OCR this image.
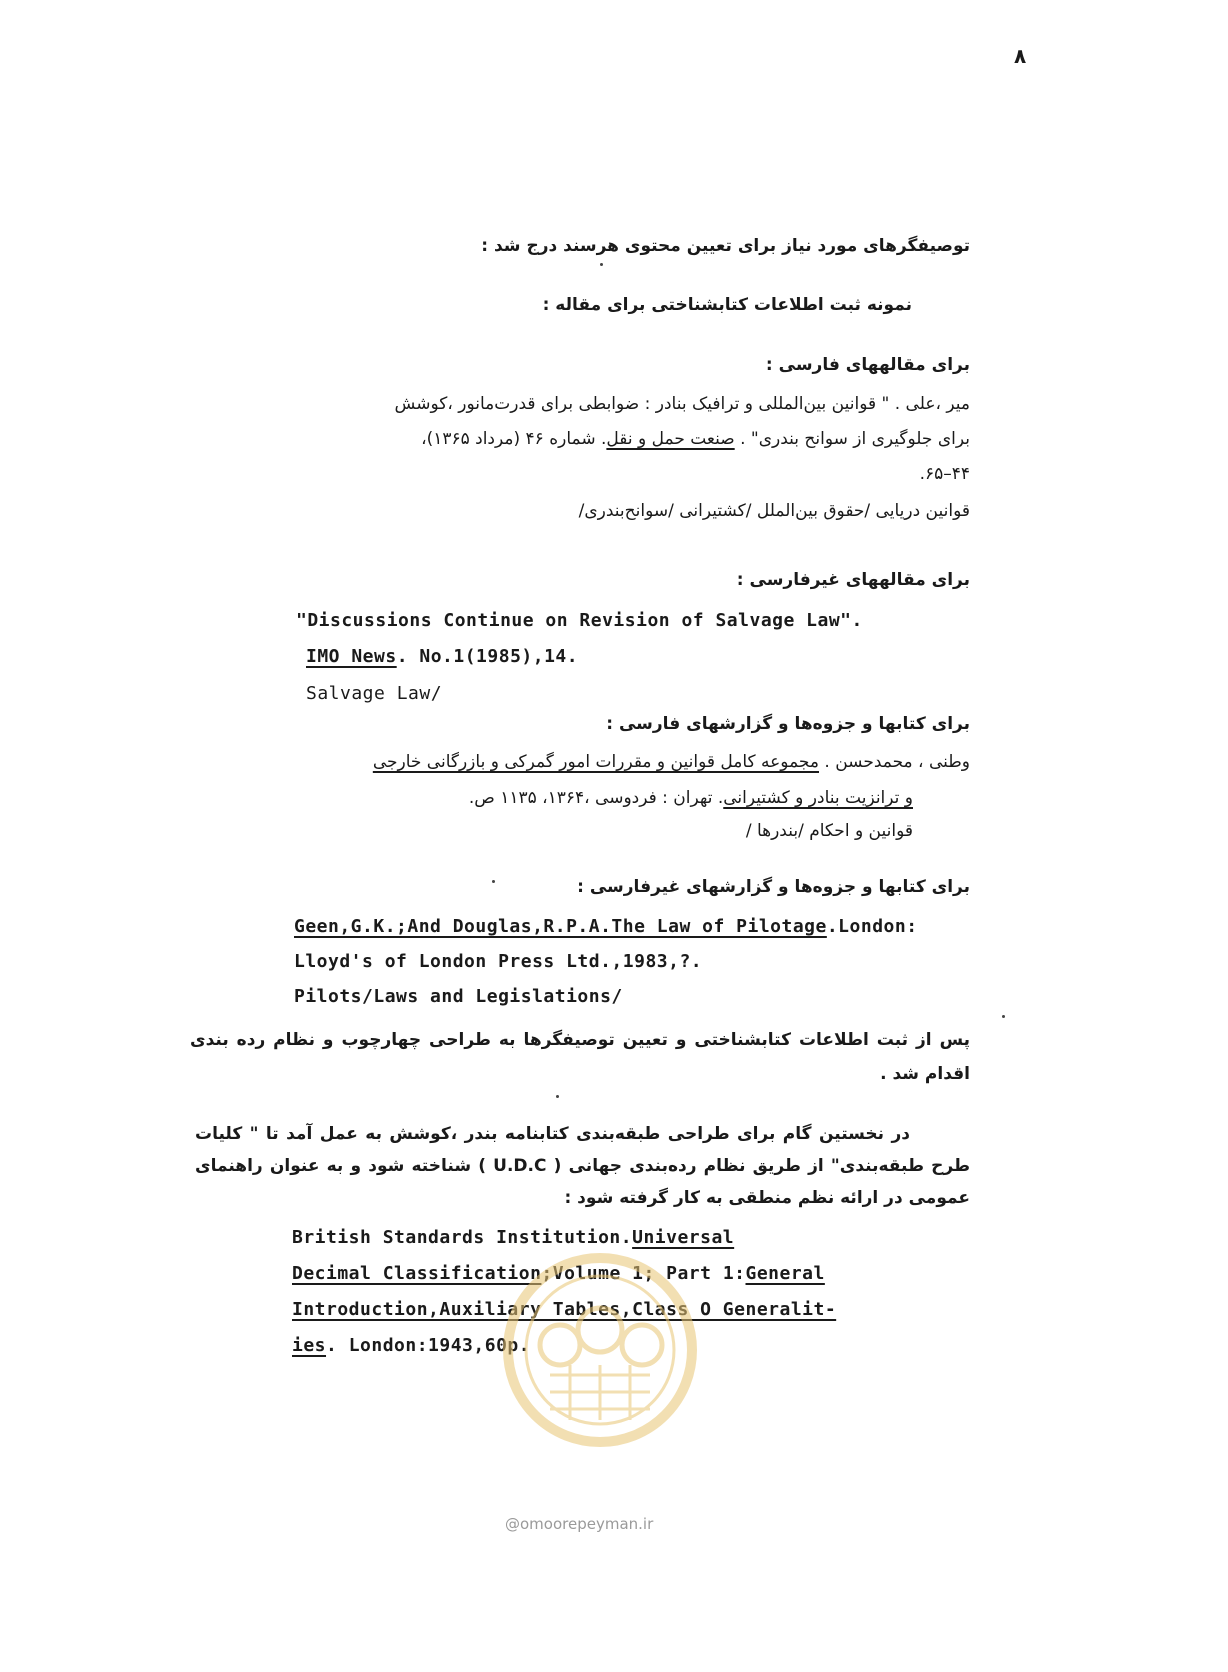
۸
توصیفگرهای مورد نیاز برای تعیین محتوی هرسند درج شد :
نمونه ثبت اطلاعات کتابشناختی برای مقاله :
برای مقالههای فارسی :
میر ،علی . " قوانین بین‌المللی و ترافیک بنادر : ضوابطی برای قدرت‌مانور ،کوشش
برای جلوگیری از سوانح بندری" . صنعت حمل و نقل. شماره‌ ۴۶ (مرداد ۱۳۶۵)،
۴۴–۶۵.
قوانین دریایی /حقوق بین‌الملل /کشتیرانی /سوانح‌بندری/
برای مقالههای غیرفارسی :
"Discussions Continue on Revision of Salvage Law".
IMO News. No.1(1985),14.
Salvage Law/
برای کتابها و جزوه‌ها و گزارشهای فارسی :
وطنی ، محمدحسن . مجموعه‌ کامل قوانین و مقررات امور گمرکی و بازرگانی خارجی
و ترانزیت بنادر و کشتیرانی. تهران : فردوسی ،۱۳۶۴، ۱۱۳۵ ص.
قوانین و احکام /بندرها /
برای کتابها و جزوه‌ها و گزارشهای غیرفارسی :
Geen,G.K.;And Douglas,R.P.A.The Law of Pilotage.London:
Lloyd's of London Press Ltd.,1983,?.
Pilots/Laws and Legislations/
پس از ثبت اطلاعات کتابشناختی و تعیین توصیفگرها به طراحی چهارچوب و نظام رده بندی اقدام شد .
در نخستین گام برای طراحی طبقه‌بندی کتابنامه‌ بندر ،کوشش به عمل آمد تا " کلیات طرح طبقه‌بندی" از طریق نظام رده‌بندی جهانی ( U.D.C ) شناخته شود و به عنوان راهنمای عمومی در ارائه‌ نظم منطقی به کار گرفته شود :
British Standards Institution.Universal
Decimal Classification;Volume 1; Part 1:General
Introduction,Auxiliary Tables,Class O Generalit-
ies. London:1943,60p.
@omoorepeyman.ir
